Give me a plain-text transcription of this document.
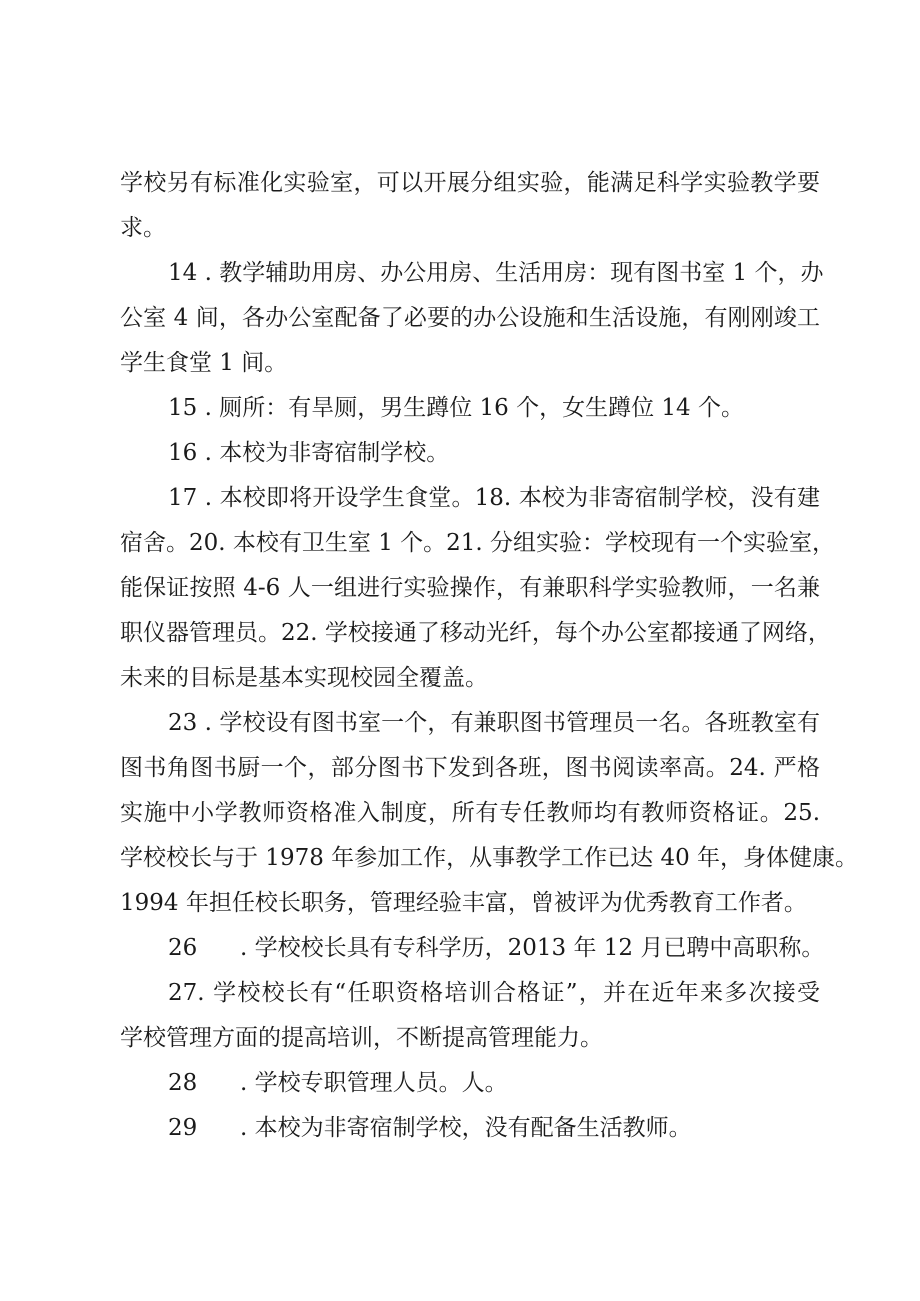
学校另有标准化实验室，可以开展分组实验，能满足科学实验教学要
求。
14 . 教学辅助用房、办公用房、生活用房：现有图书室 1 个，办
公室 4 间，各办公室配备了必要的办公设施和生活设施，有刚刚竣工
学生食堂 1 间。
15 . 厕所：有旱厕，男生蹲位 16 个，女生蹲位 14 个。
16 . 本校为非寄宿制学校。
17 . 本校即将开设学生食堂。18. 本校为非寄宿制学校，没有建
宿舍。20. 本校有卫生室 1 个。21. 分组实验：学校现有一个实验室，
能保证按照 4-6 人一组进行实验操作，有兼职科学实验教师，一名兼
职仪器管理员。22. 学校接通了移动光纤，每个办公室都接通了网络，
未来的目标是基本实现校园全覆盖。
23 . 学校设有图书室一个，有兼职图书管理员一名。各班教室有
图书角图书厨一个，部分图书下发到各班，图书阅读率高。24. 严格
实施中小学教师资格准入制度，所有专任教师均有教师资格证。25.
学校校长与于 1978 年参加工作，从事教学工作已达 40 年，身体健康。
1994 年担任校长职务，管理经验丰富，曾被评为优秀教育工作者。
26 . 学校校长具有专科学历，2013 年 12 月已聘中高职称。
27. 学校校长有“任职资格培训合格证”，并在近年来多次接受
学校管理方面的提高培训，不断提高管理能力。
28 . 学校专职管理人员。人。
29 . 本校为非寄宿制学校，没有配备生活教师。
